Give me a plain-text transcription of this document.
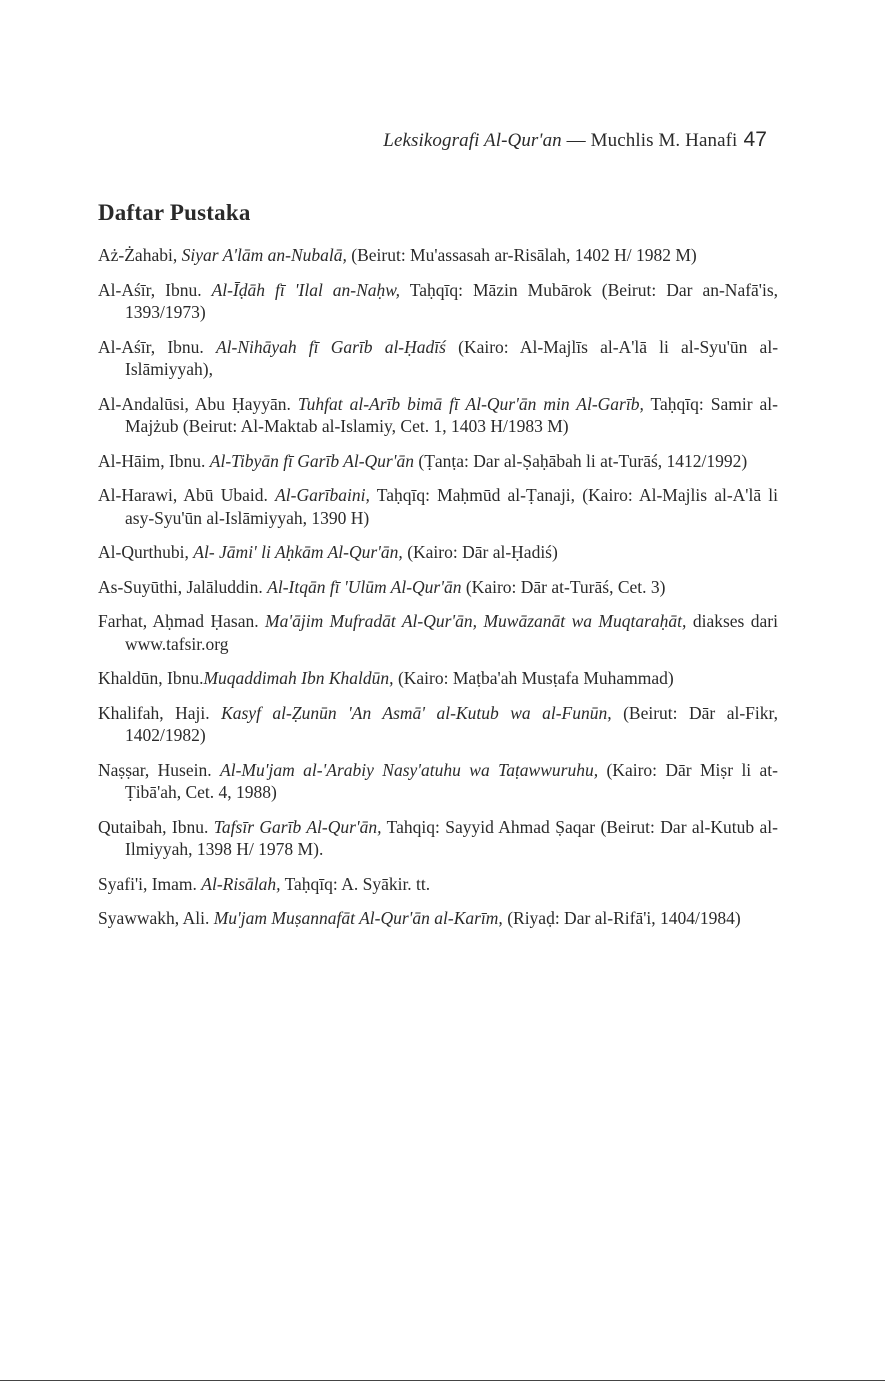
Leksikografi Al-Qur'an — Muchlis M. Hanafi 47
Daftar Pustaka
Aż-Żahabi, Siyar A'lām an-Nubalā, (Beirut: Mu'assasah ar-Risālah, 1402 H/ 1982 M)
Al-Aśīr, Ibnu. Al-Īḍāh fī 'Ilal an-Naḥw, Taḥqīq: Māzin Mubārok (Beirut: Dar an-Nafā'is, 1393/1973)
Al-Aśīr, Ibnu. Al-Nihāyah fī Garīb al-Ḥadīś (Kairo: Al-Majlīs al-A'lā li al-Syu'ūn al-Islāmiyyah),
Al-Andalūsi, Abu Ḥayyān. Tuhfat al-Arīb bimā fī Al-Qur'ān min Al-Garīb, Taḥqīq: Samir al-Majżub (Beirut: Al-Maktab al-Islamiy, Cet. 1, 1403 H/1983 M)
Al-Hāim, Ibnu. Al-Tibyān fī Garīb Al-Qur'ān (Ṭanṭa: Dar al-Ṣaḥābah li at-Turāś, 1412/1992)
Al-Harawi, Abū Ubaid. Al-Garībaini, Taḥqīq: Maḥmūd al-Ṭanaji, (Kairo: Al-Majlis al-A'lā li asy-Syu'ūn al-Islāmiyyah, 1390 H)
Al-Qurthubi, Al- Jāmi' li Aḥkām Al-Qur'ān, (Kairo: Dār al-Ḥadiś)
As-Suyūthi, Jalāluddin. Al-Itqān fī 'Ulūm Al-Qur'ān (Kairo: Dār at-Turāś, Cet. 3)
Farhat, Aḥmad Ḥasan. Ma'ājim Mufradāt Al-Qur'ān, Muwāzanāt wa Muqtaraḥāt, diakses dari www.tafsir.org
Khaldūn, Ibnu.Muqaddimah Ibn Khaldūn, (Kairo: Maṭba'ah Musṭafa Muhammad)
Khalifah, Haji. Kasyf al-Ẓunūn 'An Asmā' al-Kutub wa al-Funūn, (Beirut: Dār al-Fikr, 1402/1982)
Naṣṣar, Husein. Al-Mu'jam al-'Arabiy Nasy'atuhu wa Taṭawwuruhu, (Kairo: Dār Miṣr li at-Ṭibā'ah, Cet. 4, 1988)
Qutaibah, Ibnu. Tafsīr Garīb Al-Qur'ān, Tahqiq: Sayyid Ahmad Ṣaqar (Beirut: Dar al-Kutub al-Ilmiyyah, 1398 H/ 1978 M).
Syafi'i, Imam. Al-Risālah, Taḥqīq: A. Syākir. tt.
Syawwakh, Ali. Mu'jam Muṣannafāt Al-Qur'ān al-Karīm, (Riyaḍ: Dar al-Rifā'i, 1404/1984)
